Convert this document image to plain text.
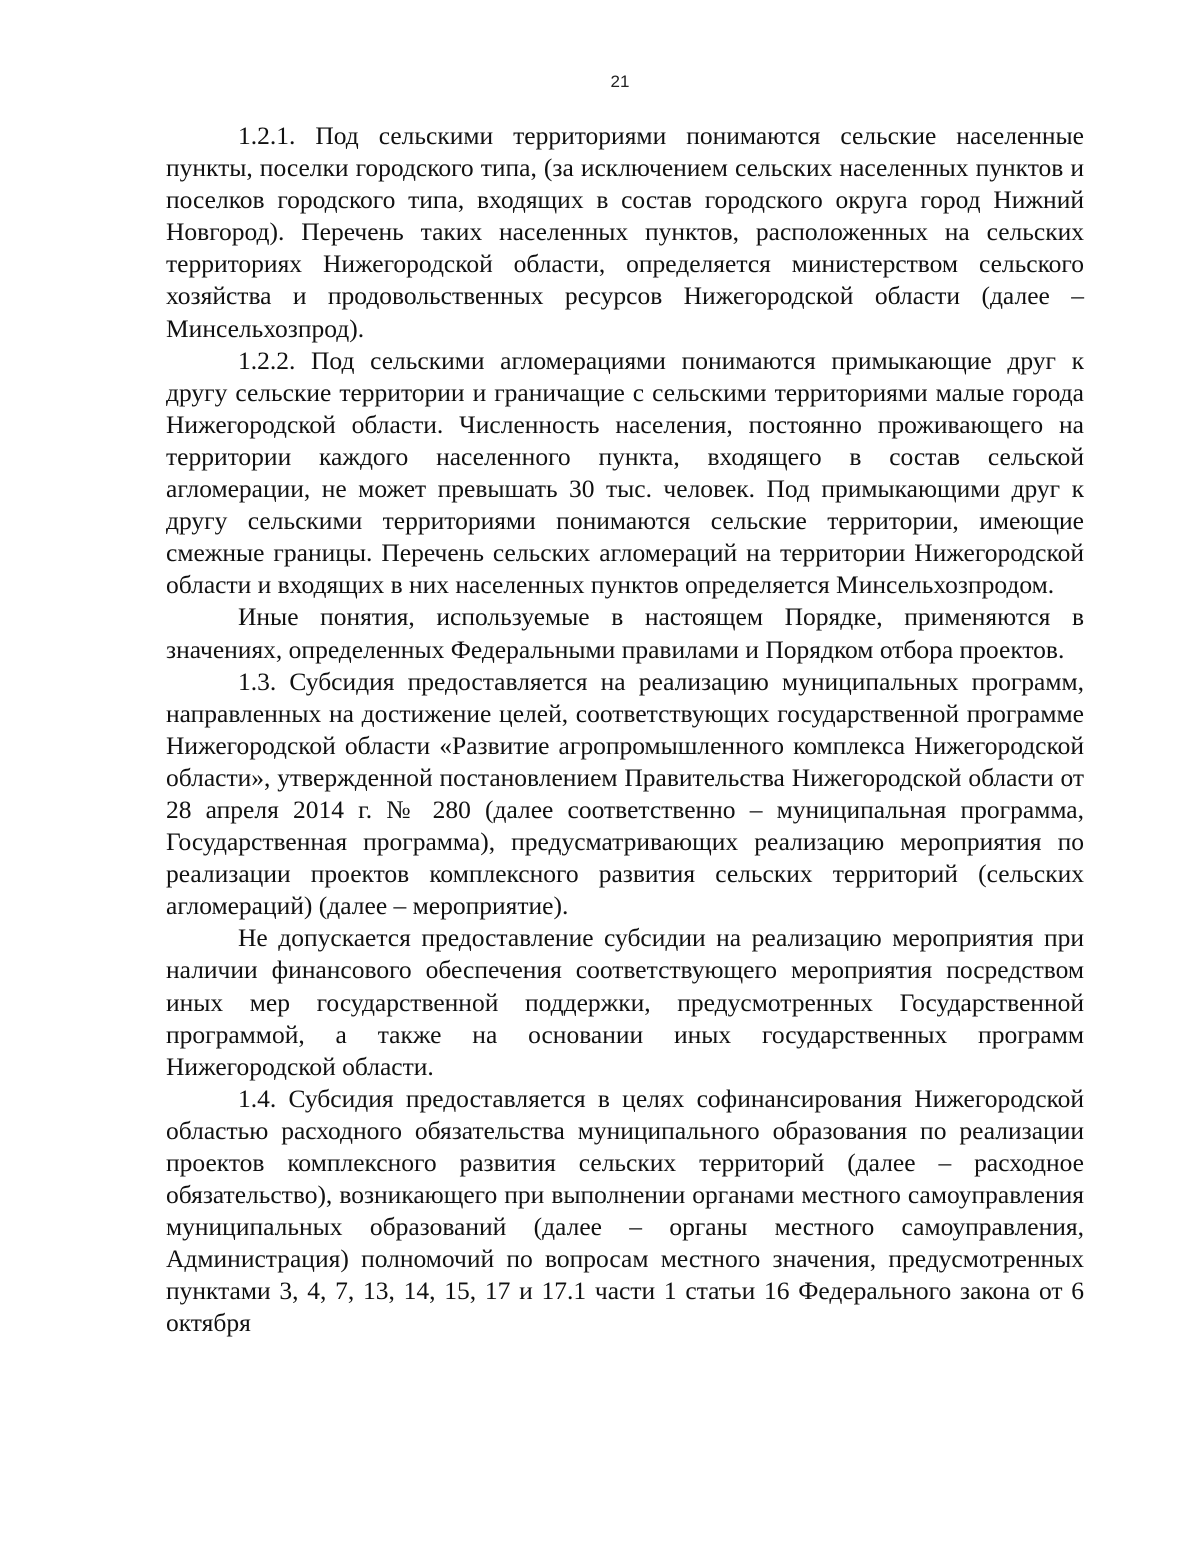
21

1.2.1. Под сельскими территориями понимаются сельские населенные пункты, поселки городского типа, (за исключением сельских населенных пунктов и поселков городского типа, входящих в состав городского округа город Нижний Новгород). Перечень таких населенных пунктов, расположенных на сельских территориях Нижегородской области, определяется министерством сельского хозяйства и продовольственных ресурсов Нижегородской области (далее – Минсельхозпрод).

1.2.2. Под сельскими агломерациями понимаются примыкающие друг к другу сельские территории и граничащие с сельскими территориями малые города Нижегородской области. Численность населения, постоянно проживающего на территории каждого населенного пункта, входящего в состав сельской агломерации, не может превышать 30 тыс. человек. Под примыкающими друг к другу сельскими территориями понимаются сельские территории, имеющие смежные границы. Перечень сельских агломераций на территории Нижегородской области и входящих в них населенных пунктов определяется Минсельхозпродом.

Иные понятия, используемые в настоящем Порядке, применяются в значениях, определенных Федеральными правилами и Порядком отбора проектов.

1.3. Субсидия предоставляется на реализацию муниципальных программ, направленных на достижение целей, соответствующих государственной программе Нижегородской области «Развитие агропромышленного комплекса Нижегородской области», утвержденной постановлением Правительства Нижегородской области от 28 апреля 2014 г. № 280 (далее соответственно – муниципальная программа, Государственная программа), предусматривающих реализацию мероприятия по реализации проектов комплексного развития сельских территорий (сельских агломераций) (далее – мероприятие).

Не допускается предоставление субсидии на реализацию мероприятия при наличии финансового обеспечения соответствующего мероприятия посредством иных мер государственной поддержки, предусмотренных Государственной программой, а также на основании иных государственных программ Нижегородской области.

1.4. Субсидия предоставляется в целях софинансирования Нижегородской областью расходного обязательства муниципального образования по реализации проектов комплексного развития сельских территорий (далее – расходное обязательство), возникающего при выполнении органами местного самоуправления муниципальных образований (далее – органы местного самоуправления, Администрация) полномочий по вопросам местного значения, предусмотренных пунктами 3, 4, 7, 13, 14, 15, 17 и 17.1 части 1 статьи 16 Федерального закона от 6 октября
